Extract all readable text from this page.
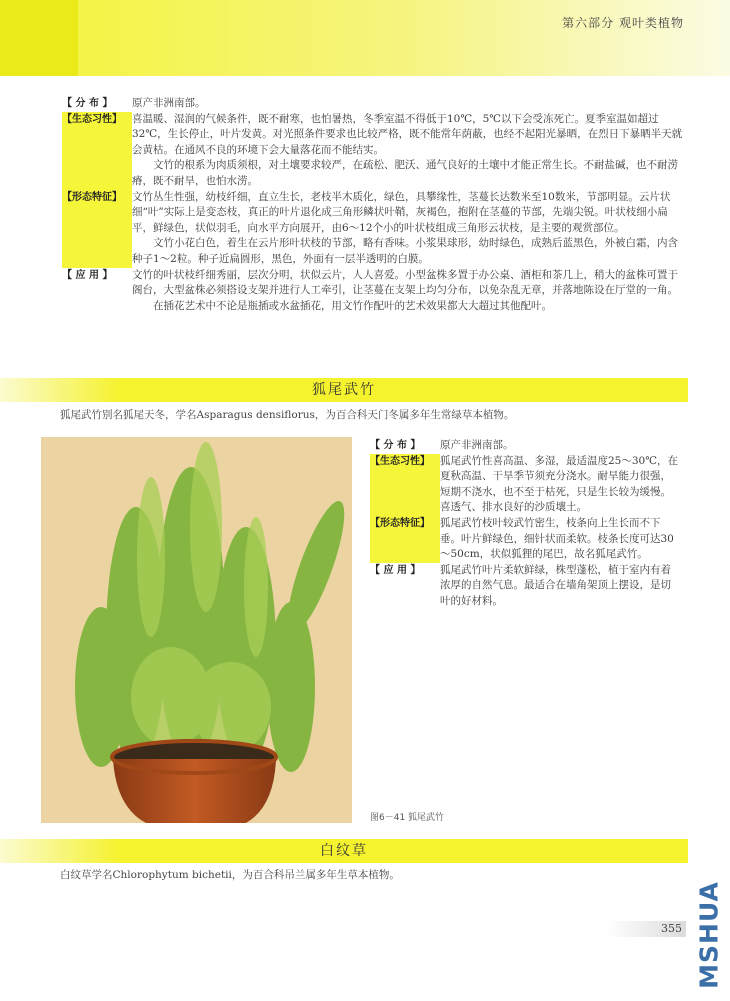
第六部分 观叶类植物
【 分 布 】	原产非洲南部。
【生态习性】 喜温暖、湿润的气候条件，既不耐寒，也怕暑热，冬季室温不得低于10℃，5℃以下会受冻死亡。夏季室温如超过32℃，生长停止，叶片发黄。对光照条件要求也比较严格，既不能常年荫蔽，也经不起阳光暴晒，在烈日下暴晒半天就会黄枯。在通风不良的环境下会大量落花而不能结实。
文竹的根系为肉质须根，对土壤要求较严，在疏松、肥沃、通气良好的土壤中才能正常生长。不耐盐碱，也不耐涝瘠，既不耐旱，也怕水涝。
【形态特征】 文竹丛生性强，幼枝纤细，直立生长，老枝半木质化，绿色，具攀缘性，茎蔓长达数米至10数米，节部明显。云片状细“叶”实际上是变态枝，真正的叶片退化成三角形鳞状叶鞘，灰褐色，抱附在茎蔓的节部，先端尖锐。叶状枝细小扁平，鲜绿色，状似羽毛，向水平方向展开，由6～12个小的叶状枝组成三角形云状枝，是主要的观赏部位。
文竹小花白色，着生在云片形叶状枝的节部，略有香味。小浆果球形，幼时绿色，成熟后蓝黑色，外被白霜，内含种子1～2粒。种子近扁圆形，黑色，外面有一层半透明的白膜。
【 应 用 】	文竹的叶状枝纤细秀丽，层次分明，状似云片，人人喜爱。小型盆株多置于办公桌、酒柜和茶几上，稍大的盆株可置于阁台，大型盆株必须搭设支架并进行人工牵引，让茎蔓在支架上均匀分布，以免杂乱无章，并落地陈设在厅堂的一角。
在插花艺术中不论是瓶插或水盆插花，用文竹作配叶的艺术效果都大大超过其他配叶。
狐尾武竹
狐尾武竹别名狐尾天冬，学名Asparagus densiflorus，为百合科天门冬属多年生常绿草本植物。
图6－41 狐尾武竹
【 分 布 】	原产非洲南部。
【生态习性】 狐尾武竹性喜高温、多湿，最适温度25～30℃，在夏秋高温、干旱季节须充分浇水。耐旱能力很强，短期不浇水，也不至于枯死，只是生长较为缓慢。喜透气、排水良好的沙质壤土。
【形态特征】 狐尾武竹枝叶较武竹密生，枝条向上生长而不下垂。叶片鲜绿色，细针状而柔软。枝条长度可达30～50cm，状似狐狸的尾巴，故名狐尾武竹。
【 应 用 】	狐尾武竹叶片柔软鲜绿，株型蓬松，植于室内有着浓厚的自然气息。最适合在墙角架顶上摆设，是切叶的好材料。
白纹草
白纹草学名Chlorophytum bichetii，为百合科吊兰属多年生草本植物。
355 MSHUA
